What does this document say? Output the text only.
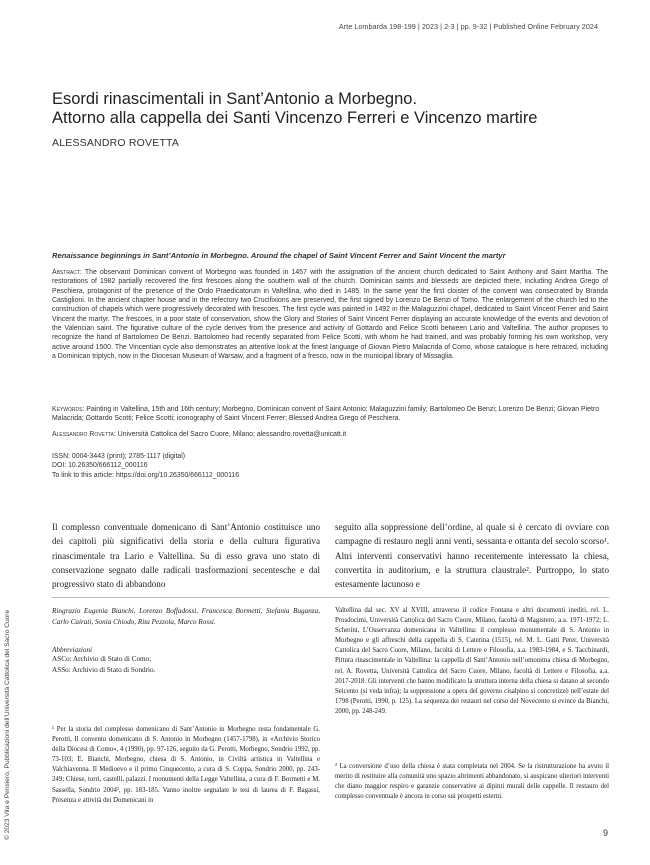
Arte Lombarda 198-199 | 2023 | 2-3 | pp. 9-32 | Published Online February 2024
Esordi rinascimentali in Sant’Antonio a Morbegno.
Attorno alla cappella dei Santi Vincenzo Ferreri e Vincenzo martire
ALESSANDRO ROVETTA
Renaissance beginnings in Sant’Antonio in Morbegno. Around the chapel of Saint Vincent Ferrer and Saint Vincent the martyr
Abstract: The observant Dominican convent of Morbegno was founded in 1457 with the assignation of the ancient church dedicated to Saint Anthony and Saint Martha. The restorations of 1982 partially recovered the first frescoes along the southern wall of the church. Dominican saints and blesseds are depicted there, including Andrea Grego of Peschiera, protagonist of the presence of the Ordo Praedicatorum in Valtellina, who died in 1485. In the same year the first cloister of the convent was consecrated by Branda Castiglioni. In the ancient chapter house and in the refectory two Crucifixions are preserved, the first signed by Lorenzo De Benzi of Tomo. The enlargement of the church led to the construction of chapels which were progressively decorated with frescoes. The first cycle was painted in 1492 in the Malaguzzini chapel, dedicated to Saint Vincent Ferrer and Saint Vincent the martyr. The frescoes, in a poor state of conservation, show the Glory and Stories of Saint Vincent Ferrer displaying an accurate knowledge of the events and devotion of the Valencian saint. The figurative culture of the cycle derives from the presence and activity of Gottardo and Felice Scotti between Lario and Valtellina. The author proposes to recognize the hand of Bartolomeo De Benzi. Bartolomeo had recently separated from Felice Scotti, with whom he had trained, and was probably forming his own workshop, very active around 1500. The Vincentian cycle also demonstrates an attentive look at the finest language of Giovan Pietro Malacrida of Como, whose catalogue is here retraced, including a Dominican triptych, now in the Diocesan Museum of Warsaw, and a fragment of a fresco, now in the municipal library of Missaglia.
Keywords: Painting in Valtellina, 15th and 16th century; Morbegno, Dominican convent of Saint Antonio; Malaguzzini family; Bartolomeo De Benzi; Lorenzo De Benzi; Giovan Pietro Malacrida; Gottardo Scotti; Felice Scotti; iconography of Saint Vincent Ferrer; Blessed Andrea Grego of Peschiera.
Alessandro Rovetta: Università Cattolica del Sacro Cuore, Milano; alessandro.rovetta@unicatt.it
ISSN: 0004-3443 (print); 2785-1117 (digital)
DOI: 10.26350/666112_000116
To link to this article: https://doi.org/10.26350/666112_000116
© 2023 Vita e Pensiero, Pubblicazioni dell’Università Cattolica del Sacro Cuore
Il complesso conventuale domenicano di Sant’Antonio costituisce uno dei capitoli più significativi della storia e della cultura figurativa rinascimentale tra Lario e Valtellina. Su di esso grava uno stato di conservazione segnato dalle radicali trasformazioni secentesche e dal progressivo stato di abbandono
seguito alla soppressione dell’ordine, al quale si è cercato di ovviare con campagne di restauro negli anni venti, sessanta e ottanta del secolo scorso¹. Altri interventi conservativi hanno recentemente interessato la chiesa, convertita in auditorium, e la struttura claustrale². Purtroppo, lo stato estesamente lacunoso e
Ringrazio Eugenia Bianchi, Lorenzo Boffadossi, Francesca Bormetti, Stefania Buganza, Carlo Cairati, Sonia Chiodo, Rita Pezzola, Marco Rossi.
Abbreviazioni
ASCo: Archivio di Stato di Como;
ASSo: Archivio di Stato di Sondrio.
¹ Per la storia del complesso domenicano di Sant’Antonio in Morbegno resta fondamentale G. Perotti, Il convento domenicano di S. Antonio in Morbegno (1457-1798), in «Archivio Storico della Diocesi di Como», 4 (1990), pp. 97-126, seguito da G. Perotti, Morbegno, Sondrio 1992, pp. 73-103; E. Bianchi, Morbegno, chiesa di S. Antonio, in Civiltà artistica in Valtellina e Valchiavenna. Il Medioevo e il primo Cinquecento, a cura di S. Coppa, Sondrio 2000, pp. 243-249; Chiese, torri, castelli, palazzi. I monumenti della Legge Valtellina, a cura di F. Bormetti e M. Sassella, Sondrio 2004², pp. 183-185. Vanno inoltre segnalate le tesi di laurea di F. Bagassi, Presenza e attività dei Domenicani in
Valtellina dal sec. XV al XVIII, attraverso il codice Fontana e altri documenti inediti, rel. L. Prosdocimi, Università Cattolica del Sacro Cuore, Milano, facoltà di Magistero, a.a. 1971-1972; L. Scherini, L’Osservanza domenicana in Valtellina: il complesso monumentale di S. Antonio in Morbegno e gli affreschi della cappella di S. Caterina (1515), rel. M. L. Gatti Perer, Università Cattolica del Sacro Cuore, Milano, facoltà di Lettere e Filosofia, a.a. 1983-1984, e S. Tacchinardi, Pittura rinascimentale in Valtellina: la cappella di Sant’Antonio nell’omonima chiesa di Morbegno, rel. A. Rovetta, Università Cattolica del Sacro Cuore, Milano, facoltà di Lettere e Filosofia, a.a. 2017-2018. Gli interventi che hanno modificato la struttura interna della chiesa si datano al secondo Seicento (si veda infra); la soppressione a opera del governo cisalpino si concretizzò nell’estate del 1798 (Perotti, 1990, p. 125). La sequenza dei restauri nel corso del Novecento si evince da Bianchi, 2000, pp. 248-249.
² La conversione d’uso della chiesa è stata completata nel 2004. Se la ristrutturazione ha avuto il merito di restituire alla comunità uno spazio altrimenti abbandonato, si auspicano ulteriori interventi che diano maggior respiro e garanzie conservative ai dipinti murali delle cappelle. Il restauro del complesso conventuale è ancora in corso sui prospetti esterni.
9
